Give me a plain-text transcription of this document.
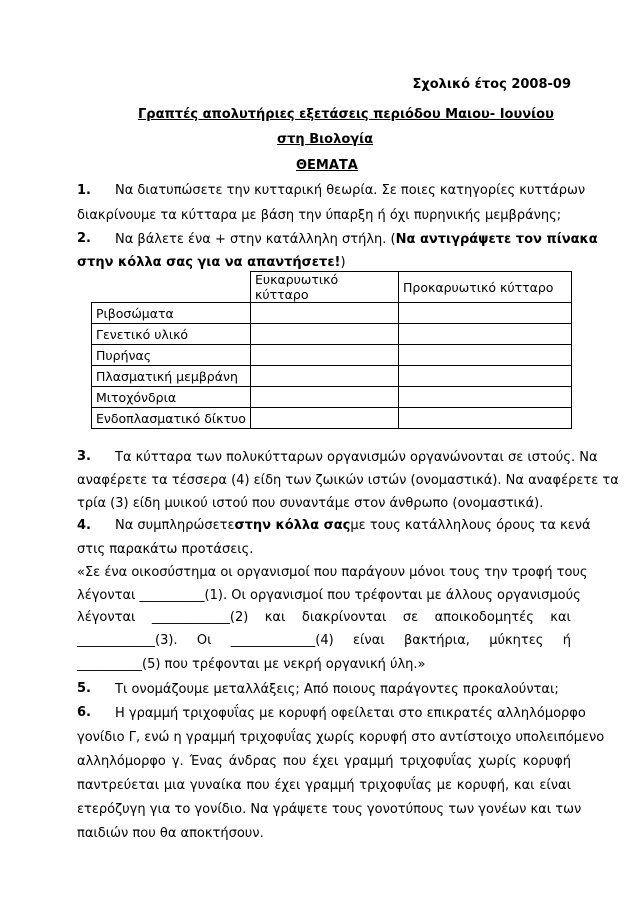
Σχολικό έτος 2008-09
Γραπτές απολυτήριες εξετάσεις περιόδου Μαιου- Ιουνίου
στη Βιολογία
ΘΕΜΑΤΑ
1. Να διατυπώσετε την κυτταρική θεωρία. Σε ποιες κατηγορίες κυττάρων
διακρίνουμε τα κύτταρα με βάση την ύπαρξη ή όχι πυρηνικής μεμβράνης;
2. Να βάλετε ένα + στην κατάλληλη στήλη. (Να αντιγράψετε τον πίνακα
στην κόλλα σας για να απαντήσετε!)
	Ευκαρυωτικό κύτταρο	Προκαρυωτικό κύτταρο
Ριβοσώματα		
Γενετικό υλικό		
Πυρήνας		
Πλασματική μεμβράνη		
Μιτοχόνδρια		
Ενδοπλασματικό δίκτυο		
3. Τα κύτταρα των πολυκύτταρων οργανισμών οργανώνονται σε ιστούς. Να
αναφέρετε τα τέσσερα (4) είδη των ζωικών ιστών (ονομαστικά). Να αναφέρετε τα
τρία (3) είδη μυικού ιστού που συναντάμε στον άνθρωπο (ονομαστικά).
4. Να συμπληρώσετε στην κόλλα σας με τους κατάλληλους όρους τα κενά
στις παρακάτω προτάσεις.
«Σε ένα οικοσύστημα οι οργανισμοί που παράγουν μόνοι τους την τροφή τους
λέγονται __________(1). Οι οργανισμοί που τρέφονται με άλλους οργανισμούς
λέγονται ____________(2) και διακρίνονται σε αποικοδομητές και
____________(3). Οι _____________(4) είναι βακτήρια, μύκητες ή
__________(5) που τρέφονται με νεκρή οργανική ύλη.»
5. Τι ονομάζουμε μεταλλάξεις; Από ποιους παράγοντες προκαλούνται;
6. Η γραμμή τριχοφυΐας με κορυφή οφείλεται στο επικρατές αλληλόμορφο
γονίδιο Γ, ενώ η γραμμή τριχοφυΐας χωρίς κορυφή στο αντίστοιχο υπολειπόμενο
αλληλόμορφο γ. Ένας άνδρας που έχει γραμμή τριχοφυΐας χωρίς κορυφή
παντρεύεται μια γυναίκα που έχει γραμμή τριχοφυΐας με κορυφή, και είναι
ετερόζυγη για το γονίδιο. Να γράψετε τους γονοτύπους των γονέων και των
παιδιών που θα αποκτήσουν.
